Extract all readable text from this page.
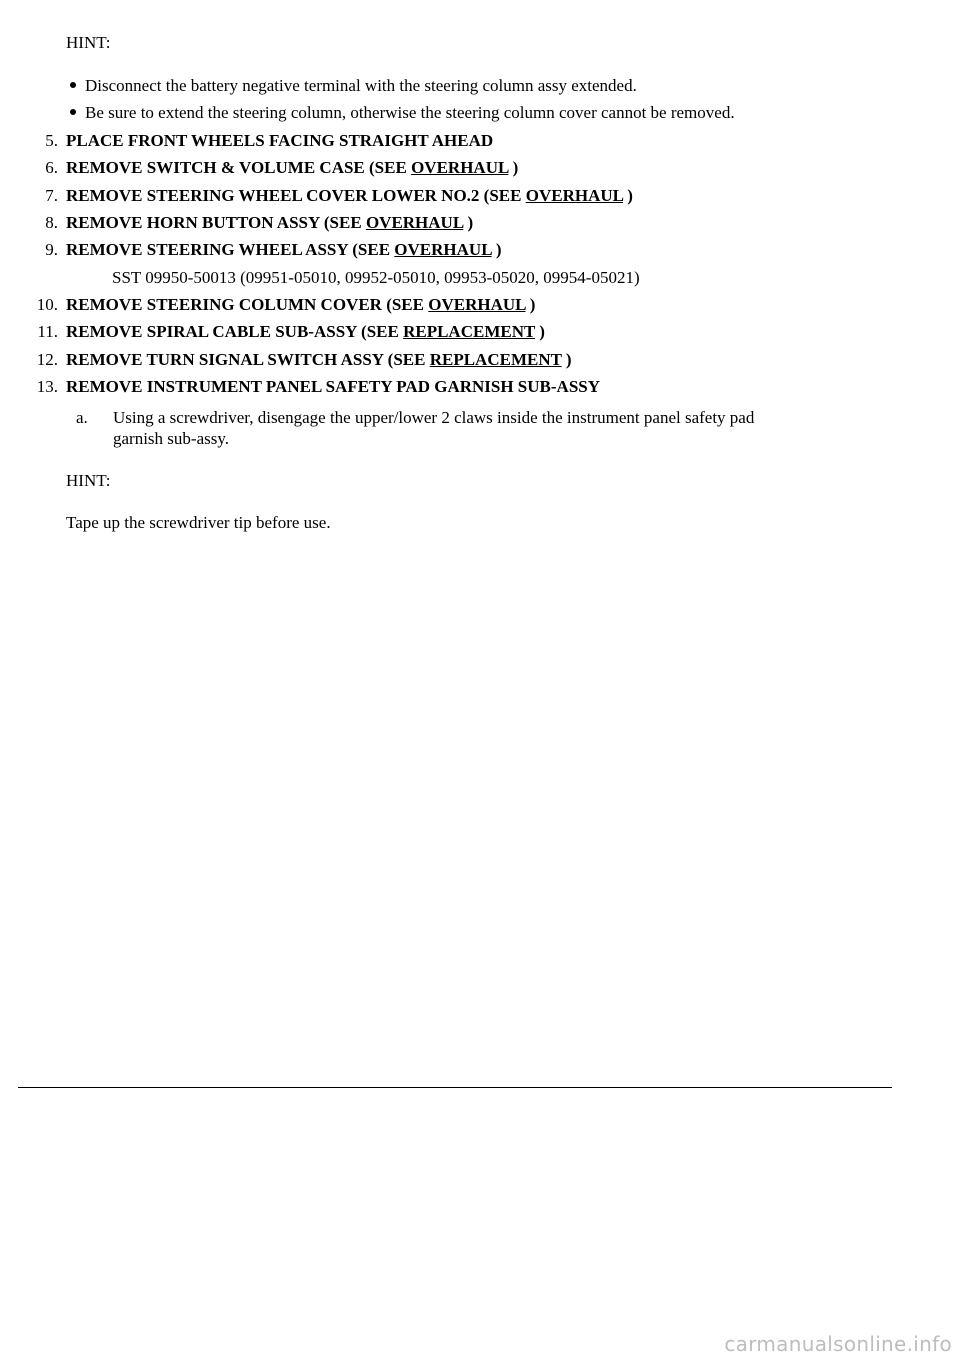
HINT:
Disconnect the battery negative terminal with the steering column assy extended.
Be sure to extend the steering column, otherwise the steering column cover cannot be removed.
5. PLACE FRONT WHEELS FACING STRAIGHT AHEAD
6. REMOVE SWITCH & VOLUME CASE (SEE OVERHAUL )
7. REMOVE STEERING WHEEL COVER LOWER NO.2 (SEE OVERHAUL )
8. REMOVE HORN BUTTON ASSY (SEE OVERHAUL )
9. REMOVE STEERING WHEEL ASSY (SEE OVERHAUL )
SST 09950-50013 (09951-05010, 09952-05010, 09953-05020, 09954-05021)
10. REMOVE STEERING COLUMN COVER (SEE OVERHAUL )
11. REMOVE SPIRAL CABLE SUB-ASSY (SEE REPLACEMENT )
12. REMOVE TURN SIGNAL SWITCH ASSY (SEE REPLACEMENT )
13. REMOVE INSTRUMENT PANEL SAFETY PAD GARNISH SUB-ASSY
a. Using a screwdriver, disengage the upper/lower 2 claws inside the instrument panel safety pad
garnish sub-assy.
HINT:
Tape up the screwdriver tip before use.
carmanualsonline.info
